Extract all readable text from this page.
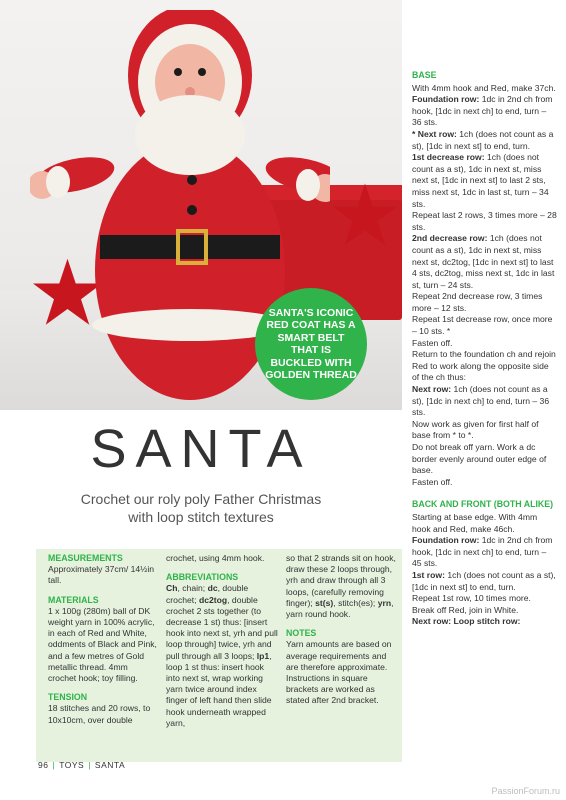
SANTA'S ICONIC RED COAT HAS A SMART BELT THAT IS BUCKLED WITH GOLDEN THREAD
BASE

With 4mm hook and Red, make 37ch.

Foundation row: 1dc in 2nd ch from hook, [1dc in next ch] to end, turn – 36 sts.

* Next row: 1ch (does not count as a st), [1dc in next st] to end, turn.

1st decrease row: 1ch (does not count as a st), 1dc in next st, miss next st, [1dc in next st] to last 2 sts, miss next st, 1dc in last st, turn – 34 sts.

Repeat last 2 rows, 3 times more – 28 sts.

2nd decrease row: 1ch (does not count as a st), 1dc in next st, miss next st, dc2tog, [1dc in next st] to last 4 sts, dc2tog, miss next st, 1dc in last st, turn – 24 sts.

Repeat 2nd decrease row, 3 times more – 12 sts.

Repeat 1st decrease row, once more – 10 sts. *

Fasten off.

Return to the foundation ch and rejoin Red to work along the opposite side of the ch thus:

Next row: 1ch (does not count as a st), [1dc in next ch] to end, turn – 36 sts.

Now work as given for first half of base from * to *.

Do not break off yarn. Work a dc border evenly around outer edge of base.

Fasten off.

BACK AND FRONT (BOTH ALIKE)

Starting at base edge. With 4mm hook and Red, make 46ch.

Foundation row: 1dc in 2nd ch from hook, [1dc in next ch] to end, turn – 45 sts.

1st row: 1ch (does not count as a st), [1dc in next st] to end, turn.

Repeat 1st row, 10 times more.

Break off Red, join in White.

Next row: Loop stitch row:

SANTA
Crochet our roly poly Father Christmas
with loop stitch textures
MEASUREMENTS

Approximately 37cm/ 14½in tall.

MATERIALS

1 x 100g (280m) ball of DK weight yarn in 100% acrylic, in each of Red and White, oddments of Black and Pink, and a few metres of Gold metallic thread. 4mm crochet hook; toy filling.

TENSION

18 stitches and 20 rows, to 10x10cm, over double

crochet, using 4mm hook.

ABBREVIATIONS

Ch, chain; dc, double crochet; dc2tog, double crochet 2 sts together (to decrease 1 st) thus: [insert hook into next st, yrh and pull loop through] twice, yrh and pull through all 3 loops; lp1, loop 1 st thus: insert hook into next st, wrap working yarn twice around index finger of left hand then slide hook underneath wrapped yarn,

so that 2 strands sit on hook, draw these 2 loops through, yrh and draw through all 3 loops, (carefully removing finger); st(s), stitch(es); yrn, yarn round hook.

NOTES

Yarn amounts are based on average requirements and are therefore approximate. Instructions in square brackets are worked as stated after 2nd bracket.

96 | TOYS | SANTA
PassionForum.ru
